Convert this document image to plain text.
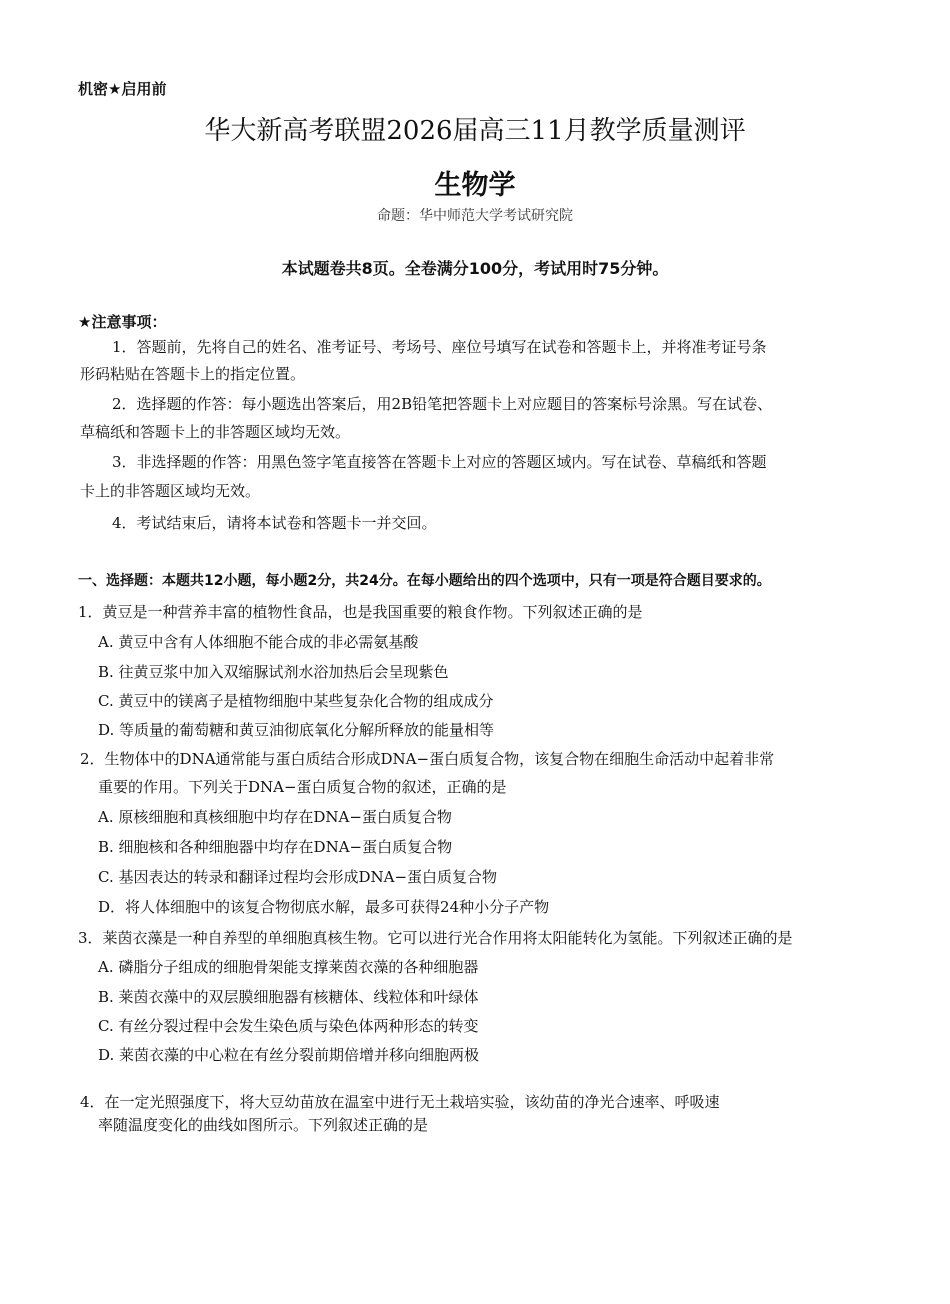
机密★启用前
华大新高考联盟2026届高三11月教学质量测评
生物学
命题：华中师范大学考试研究院
本试题卷共8页。全卷满分100分，考试用时75分钟。
★注意事项：
1．答题前，先将自己的姓名、准考证号、考场号、座位号填写在试卷和答题卡上，并将准考证号条
形码粘贴在答题卡上的指定位置。
2．选择题的作答：每小题选出答案后，用2B铅笔把答题卡上对应题目的答案标号涂黑。写在试卷、
草稿纸和答题卡上的非答题区域均无效。
3．非选择题的作答：用黑色签字笔直接答在答题卡上对应的答题区域内。写在试卷、草稿纸和答题
卡上的非答题区域均无效。
4．考试结束后，请将本试卷和答题卡一并交回。
一、选择题：本题共12小题，每小题2分，共24分。在每小题给出的四个选项中，只有一项是符合题目要求的。
1．黄豆是一种营养丰富的植物性食品，也是我国重要的粮食作物。下列叙述正确的是
A. 黄豆中含有人体细胞不能合成的非必需氨基酸
B. 往黄豆浆中加入双缩脲试剂水浴加热后会呈现紫色
C. 黄豆中的镁离子是植物细胞中某些复杂化合物的组成成分
D. 等质量的葡萄糖和黄豆油彻底氧化分解所释放的能量相等
2．生物体中的DNA通常能与蛋白质结合形成DNA−蛋白质复合物，该复合物在细胞生命活动中起着非常
重要的作用。下列关于DNA−蛋白质复合物的叙述，正确的是
A. 原核细胞和真核细胞中均存在DNA−蛋白质复合物
B. 细胞核和各种细胞器中均存在DNA−蛋白质复合物
C. 基因表达的转录和翻译过程均会形成DNA−蛋白质复合物
D．将人体细胞中的该复合物彻底水解，最多可获得24种小分子产物
3．莱茵衣藻是一种自养型的单细胞真核生物。它可以进行光合作用将太阳能转化为氢能。下列叙述正确的是
A. 磷脂分子组成的细胞骨架能支撑莱茵衣藻的各种细胞器
B. 莱茵衣藻中的双层膜细胞器有核糖体、线粒体和叶绿体
C. 有丝分裂过程中会发生染色质与染色体两种形态的转变
D. 莱茵衣藻的中心粒在有丝分裂前期倍增并移向细胞两极
4．在一定光照强度下，将大豆幼苗放在温室中进行无土栽培实验，该幼苗的净光合速率、呼吸速
率随温度变化的曲线如图所示。下列叙述正确的是
